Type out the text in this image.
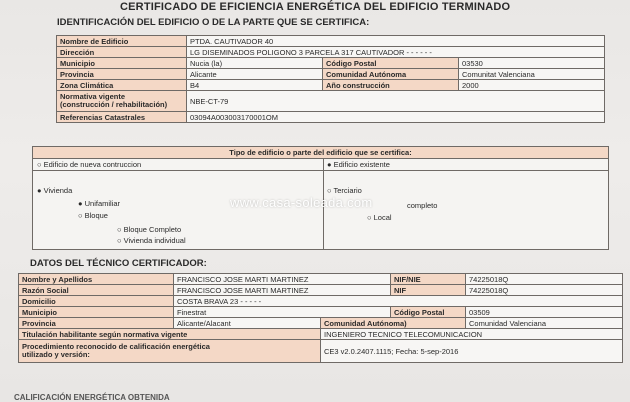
CERTIFICADO DE EFICIENCIA ENERGÉTICA DEL EDIFICIO TERMINADO
IDENTIFICACIÓN DEL EDIFICIO O DE LA PARTE QUE SE CERTIFICA:
Nombre de Edificio	PTDA. CAUTIVADOR 40		
Dirección	LG DISEMINADOS POLIGONO 3 PARCELA 317 CAUTIVADOR - - - - - -		
Municipio	Nucia (la)	Código Postal	03530
Provincia	Alicante	Comunidad Autónoma	Comunitat Valenciana
Zona Climática	B4	Año construcción	2000

Normativa vigente
(construcción / rehabilitación)	NBE-CT-79		
Referencias Catastrales	03094A003003170001OM		
Tipo de edificio o parte del edificio que se certifica:
○ Edificio de nueva contruccion	● Edificio existente
● Vivienda
● Unifamiliar
○ Bloque
○ Bloque Completo
○ Vivienda individual
○ Terciario
completo
○ Local
www.casa-soleada.com
DATOS DEL TÉCNICO CERTIFICADOR:
Nombre y Apellidos	FRANCISCO JOSE MARTI MARTINEZ		NIF/NIE	74225018Q
Razón Social	FRANCISCO JOSE MARTI MARTINEZ		NIF	74225018Q
Domicilio	COSTA BRAVA 23 - - - - -			
Municipio	Finestrat		Código Postal	03509
Provincia	Alicante/Alacant	Comunidad Autónoma)		Comunidad Valenciana
Titulación habilitante según normativa vigente		INGENIERO TECNICO TELECOMUNICACION		

Procedimiento reconocido de calificación energética
utilizado y versión:		CE3 v2.0.2407.1115; Fecha: 5-sep-2016		
CALIFICACIÓN ENERGÉTICA OBTENIDA
